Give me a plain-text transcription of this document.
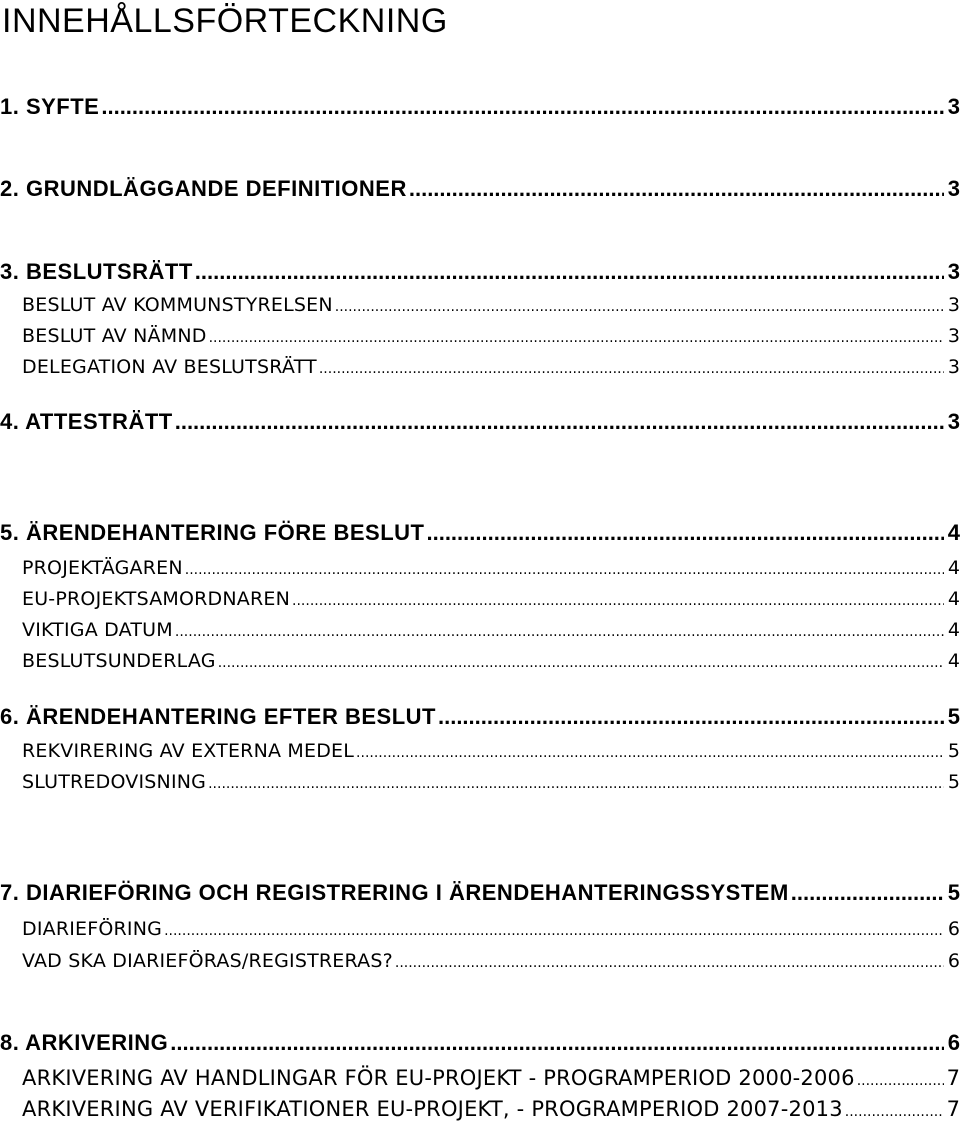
INNEHÅLLSFÖRTECKNING
1. SYFTE .....	3
2. GRUNDLÄGGANDE DEFINITIONER .....	3
3. BESLUTSRÄTT .....	3
BESLUT AV KOMMUNSTYRELSEN .....	3
BESLUT AV NÄMND .....	3
DELEGATION AV BESLUTSRÄTT .....	3
4. ATTESTRÄTT .....	3
5. ÄRENDEHANTERING FÖRE BESLUT .....	4
PROJEKTÄGAREN .....	4
EU-PROJEKTSAMORDNAREN .....	4
VIKTIGA DATUM .....	4
BESLUTSUNDERLAG .....	4
6. ÄRENDEHANTERING EFTER BESLUT .....	5
REKVIRERING AV EXTERNA MEDEL .....	5
SLUTREDOVISNING .....	5
7. DIARIEFÖRING OCH REGISTRERING I ÄRENDEHANTERINGSSYSTEM .....	5
DIARIEFÖRING .....	6
VAD SKA DIARIEFÖRAS/REGISTRERAS? .....	6
8. ARKIVERING .....	6
ARKIVERING AV HANDLINGAR FÖR EU-PROJEKT - PROGRAMPERIOD 2000-2006 .....	7
ARKIVERING AV VERIFIKATIONER EU-PROJEKT, - PROGRAMPERIOD 2007-2013 .....	7
